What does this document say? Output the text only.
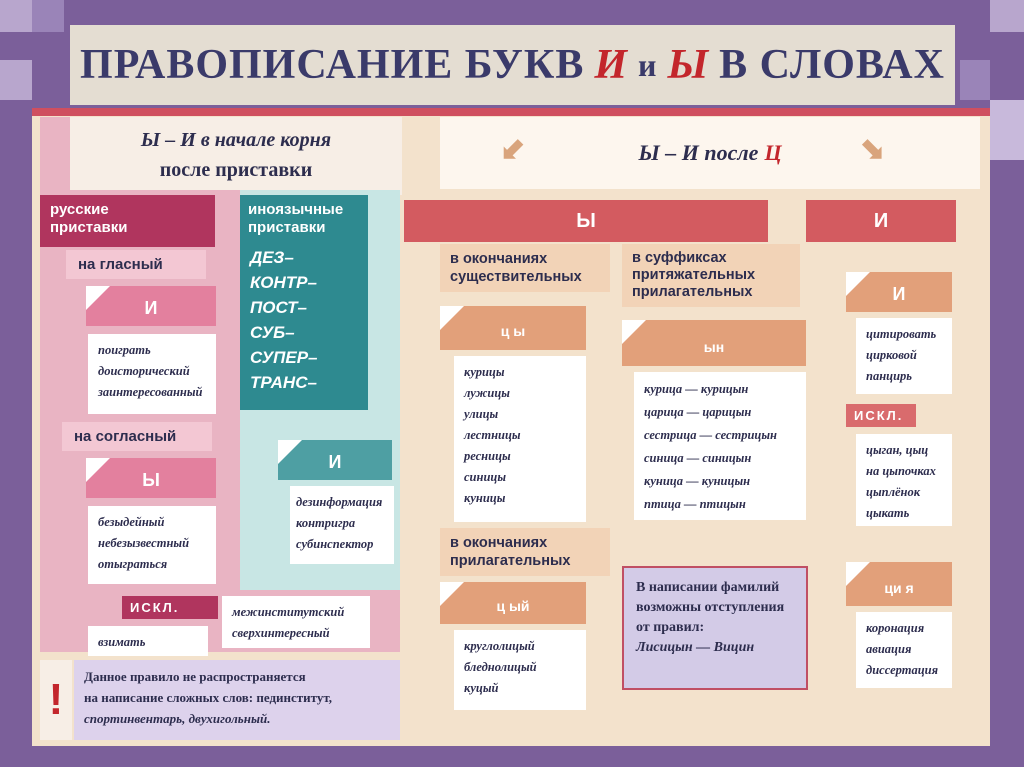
ПРАВОПИСАНИЕ БУКВ И и Ы В СЛОВАХ
Ы – И в начале корня
после приставки
Ы – И после Ц
⬋	⬊
русские
приставки
на гласный
И
поиграть
доисторический
заинтересованный
на согласный
Ы
безыдейный
небезызвестный
отыграться
ИСКЛ.
взимать
межинститутский
сверхинтересный
иноязычные
приставки
ДЕЗ–
КОНТР–
ПОСТ–
СУБ–
СУПЕР–
ТРАНС–
И
дезинформация
контригра
субинспектор
Ы	И
в окончаниях
существительных
ц ы
курицы
лужицы
улицы
лестницы
ресницы
синицы
куницы
в окончаниях
прилагательных
ц ый
круглолицый
бледнолицый
куцый
в суффиксах
притяжательных
прилагательных
ын
курица — курицын
царица — царицын
сестрица — сестрицын
синица — синицын
куница — куницын
птица — птицын
В написании фамилий
возможны отступления
от правил:
Лисицын — Вицин
И
цитировать
цирковой
панцирь
ИСКЛ.
цыган, цыц
на цыпочках
цыплёнок
цыкать
ци я
коронация
авиация
диссертация
!	Данное правило не распространяется
на написание сложных слов: пединститут,
спортинвентарь, двухигольный.
